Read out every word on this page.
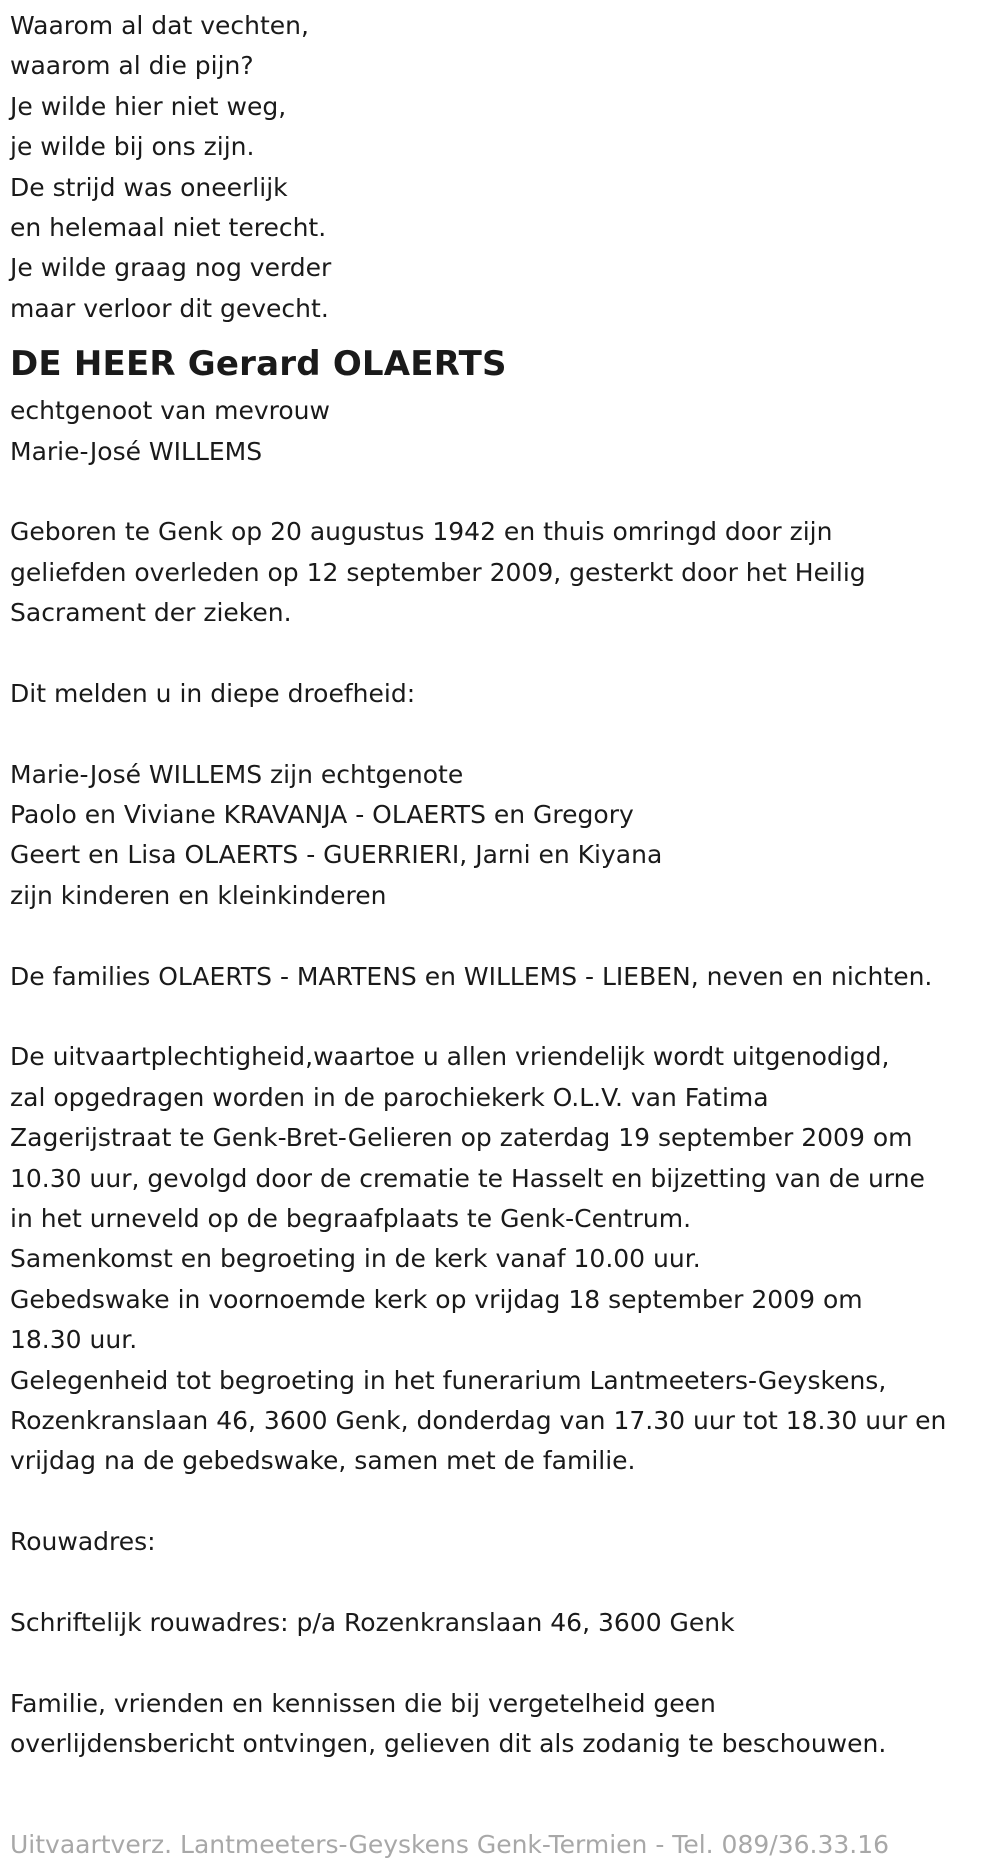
Waarom al dat vechten,
waarom al die pijn?
Je wilde hier niet weg,
je wilde bij ons zijn.
De strijd was oneerlijk
en helemaal niet terecht.
Je wilde graag nog verder
maar verloor dit gevecht.
DE HEER Gerard OLAERTS
echtgenoot van mevrouw
Marie-José WILLEMS
Geboren te Genk op 20 augustus 1942 en thuis omringd door zijn
geliefden overleden op 12 september 2009, gesterkt door het Heilig
Sacrament der zieken.
Dit melden u in diepe droefheid:
Marie-José WILLEMS zijn echtgenote
Paolo en Viviane KRAVANJA - OLAERTS en Gregory
Geert en Lisa OLAERTS - GUERRIERI, Jarni en Kiyana
zijn kinderen en kleinkinderen
De families OLAERTS - MARTENS en WILLEMS - LIEBEN, neven en nichten.
De uitvaartplechtigheid,waartoe u allen vriendelijk wordt uitgenodigd,
zal opgedragen worden in de parochiekerk O.L.V. van Fatima
Zagerijstraat te Genk-Bret-Gelieren op zaterdag 19 september 2009 om
10.30 uur, gevolgd door de crematie te Hasselt en bijzetting van de urne
in het urneveld op de begraafplaats te Genk-Centrum.
Samenkomst en begroeting in de kerk vanaf 10.00 uur.
Gebedswake in voornoemde kerk op vrijdag 18 september 2009 om
18.30 uur.
Gelegenheid tot begroeting in het funerarium Lantmeeters-Geyskens,
Rozenkranslaan 46, 3600 Genk, donderdag van 17.30 uur tot 18.30 uur en
vrijdag na de gebedswake, samen met de familie.
Rouwadres:
Schriftelijk rouwadres: p/a Rozenkranslaan 46, 3600 Genk
Familie, vrienden en kennissen die bij vergetelheid geen
overlijdensbericht ontvingen, gelieven dit als zodanig te beschouwen.
Uitvaartverz. Lantmeeters-Geyskens Genk-Termien - Tel. 089/36.33.16
